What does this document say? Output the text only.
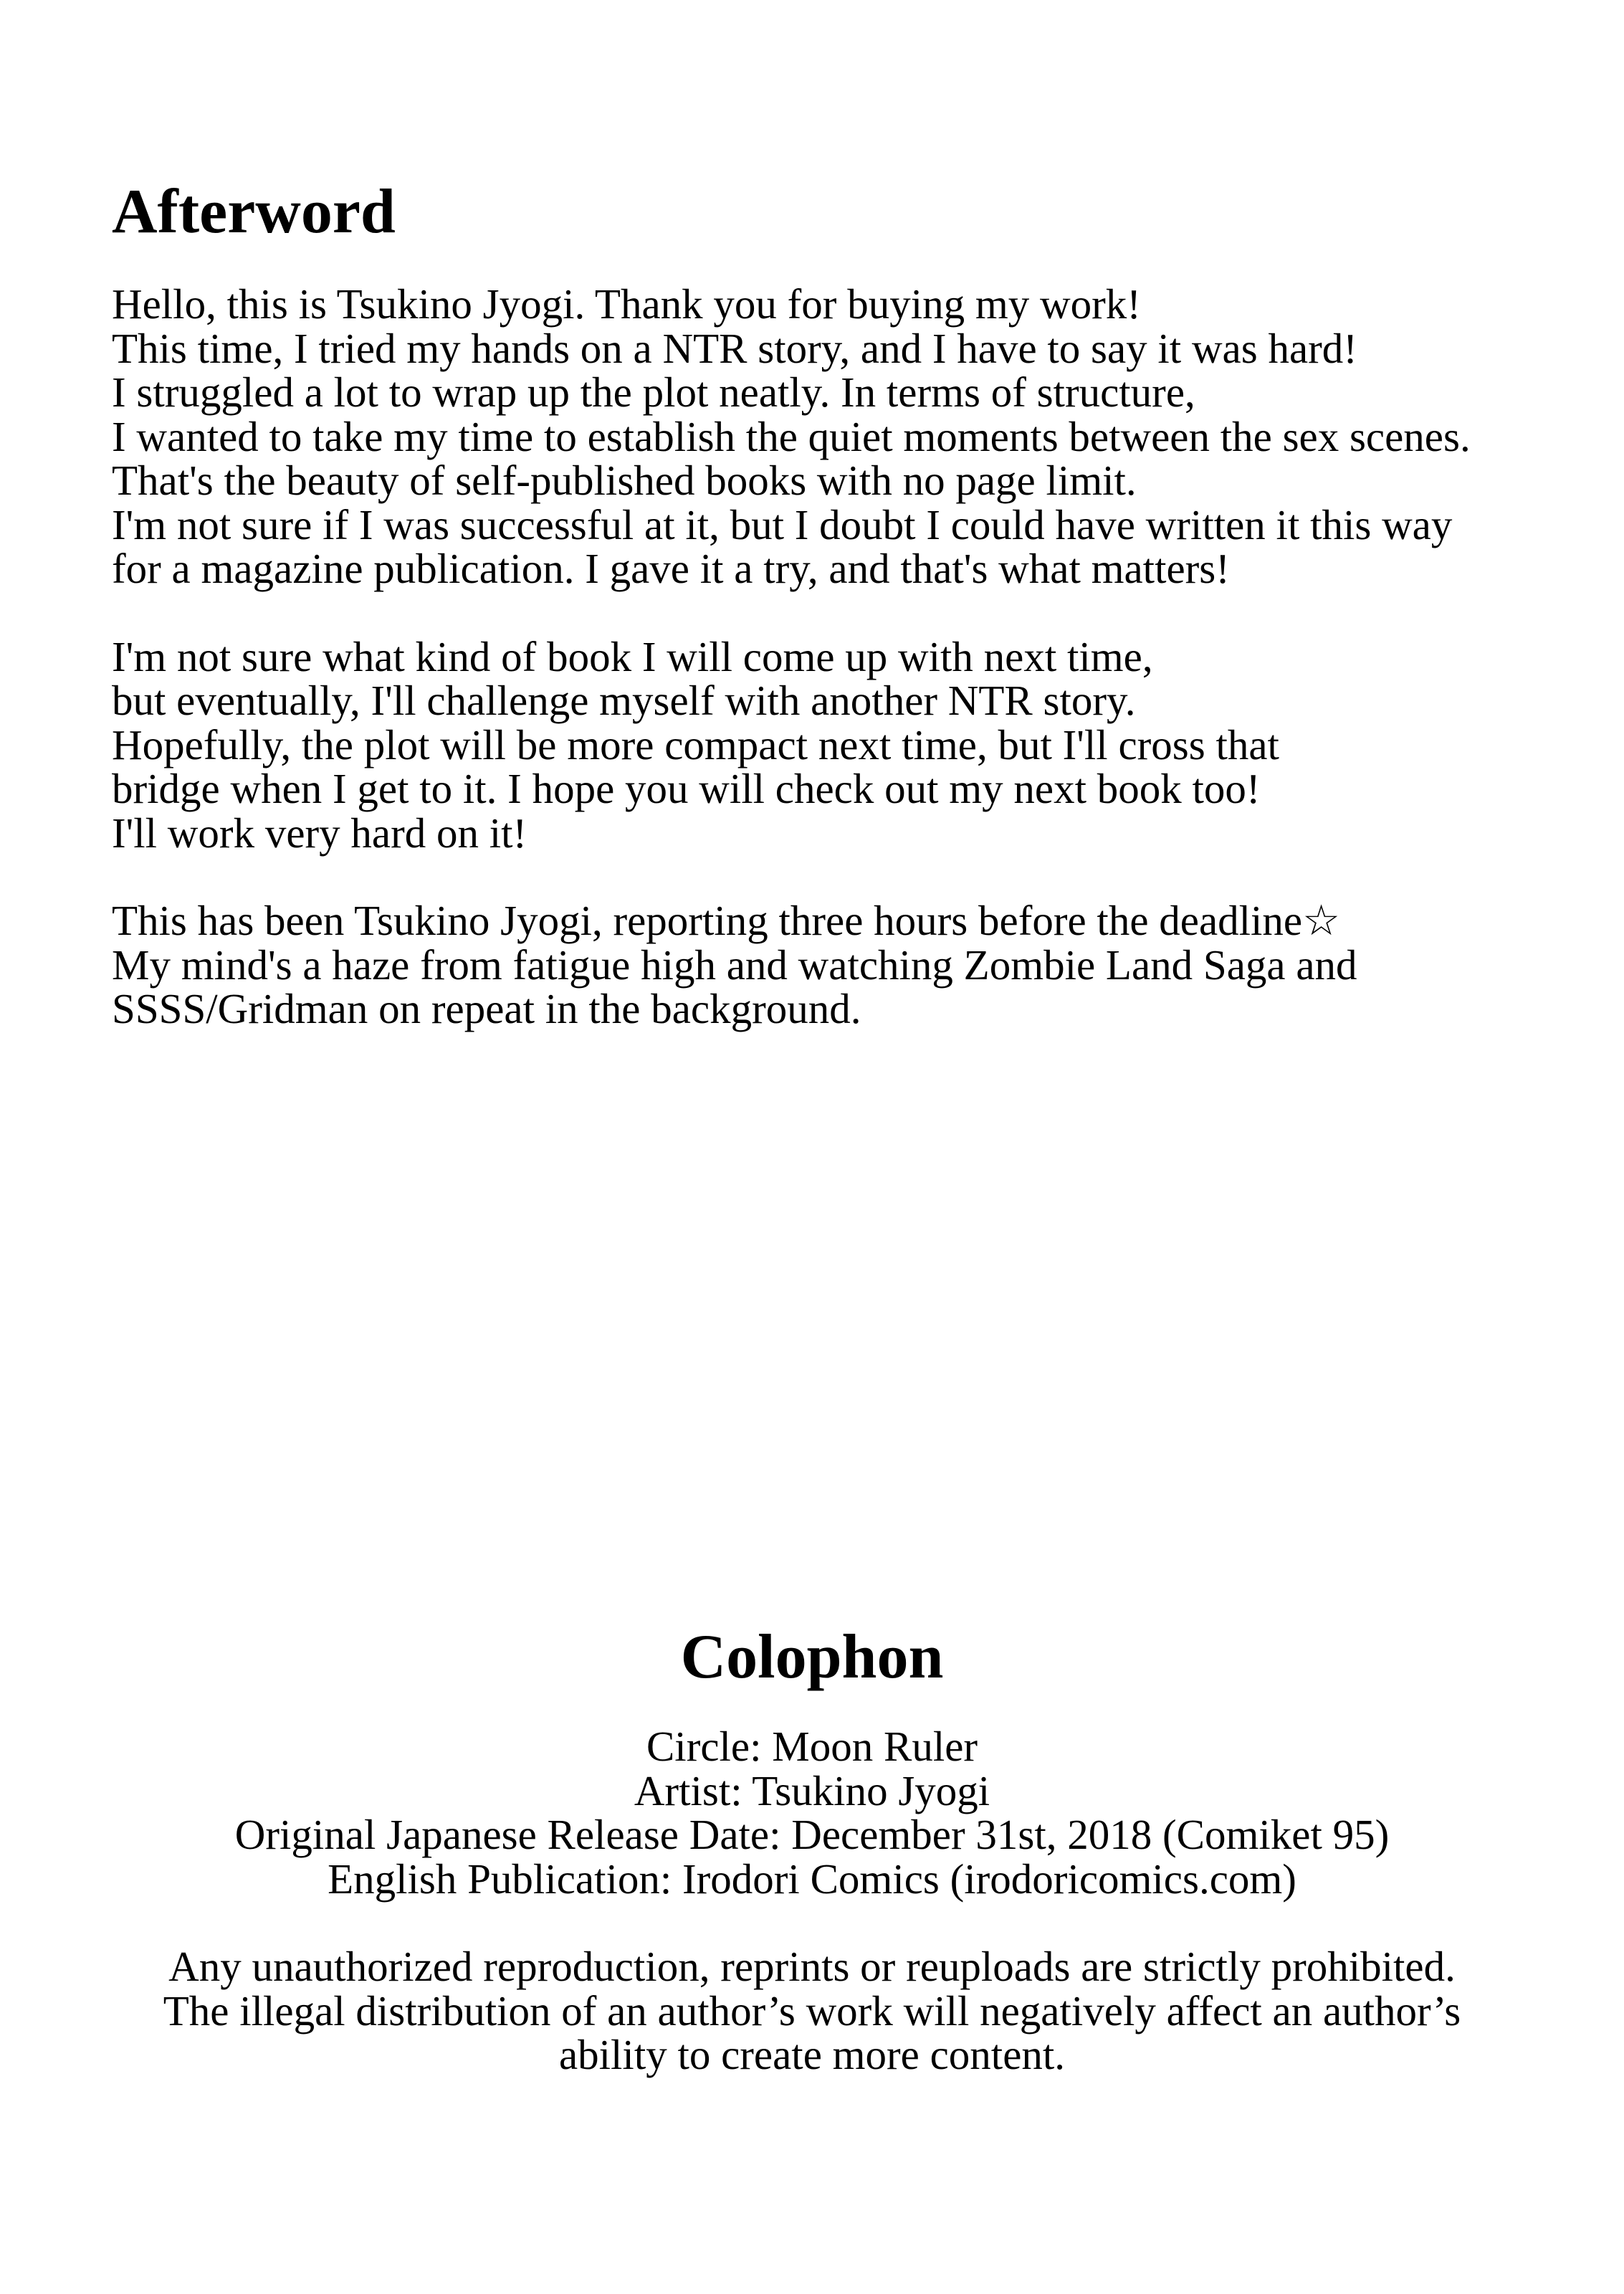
Afterword

Hello, this is Tsukino Jyogi. Thank you for buying my work!
This time, I tried my hands on a NTR story, and I have to say it was hard!
I struggled a lot to wrap up the plot neatly. In terms of structure,
I wanted to take my time to establish the quiet moments between the sex scenes.
That's the beauty of self-published books with no page limit.
I'm not sure if I was successful at it, but I doubt I could have written it this way
for a magazine publication. I gave it a try, and that's what matters!

I'm not sure what kind of book I will come up with next time,
but eventually, I'll challenge myself with another NTR story.
Hopefully, the plot will be more compact next time, but I'll cross that
bridge when I get to it. I hope you will check out my next book too!
I'll work very hard on it!

This has been Tsukino Jyogi, reporting three hours before the deadline☆
My mind's a haze from fatigue high and watching Zombie Land Saga and
SSSS/Gridman on repeat in the background.

Colophon
Circle: Moon Ruler
Artist: Tsukino Jyogi
Original Japanese Release Date: December 31st, 2018 (Comiket 95)
English Publication: Irodori Comics (irodoricomics.com)
Any unauthorized reproduction, reprints or reuploads are strictly prohibited.
The illegal distribution of an author’s work will negatively affect an author’s
ability to create more content.
